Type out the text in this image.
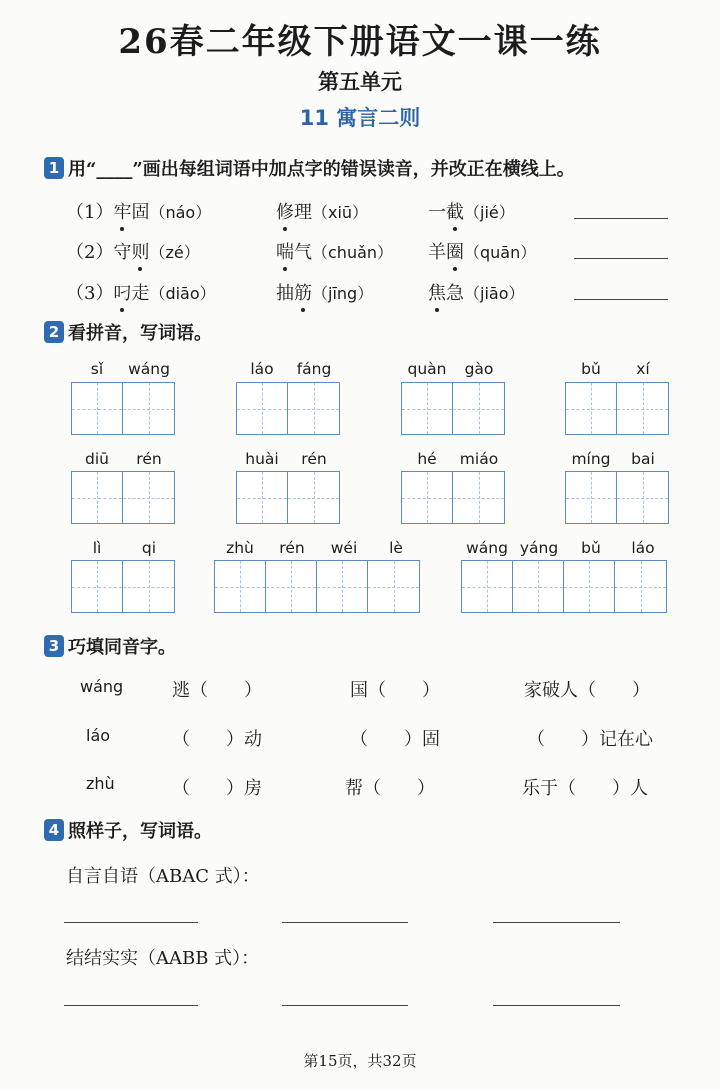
26春二年级下册语文一课一练
第五单元
11 寓言二则
1 用“____”画出每组词语中加点字的错误读音，并改正在横线上。
（1）牢固（náo）	修理（xiū）	一截（jié）
（2）守则（zé）	喘气（chuǎn） 羊圈（quān）
（3）叼走（diāo）	抽筋（jīng）	焦急（jiāo）
2 看拼音，写词语。
sǐ	wáng	láo	fáng	quàn	gào	bǔ	xí
diū	rén	huài	rén	hé	miáo	míng	bai
lì	qi	zhù	rén	wéi	lè	wáng yáng	bǔ	láo
3 巧填同音字。
wáng	逃（　　）	国（　　）	家破人（　　）
láo	（　　）动	（　　）固	（　　）记在心
zhù	（　　）房	帮（　　）	乐于（　　）人
4 照样子，写词语。
自言自语（ABAC 式）：
结结实实（AABB 式）：
第15页，共32页
